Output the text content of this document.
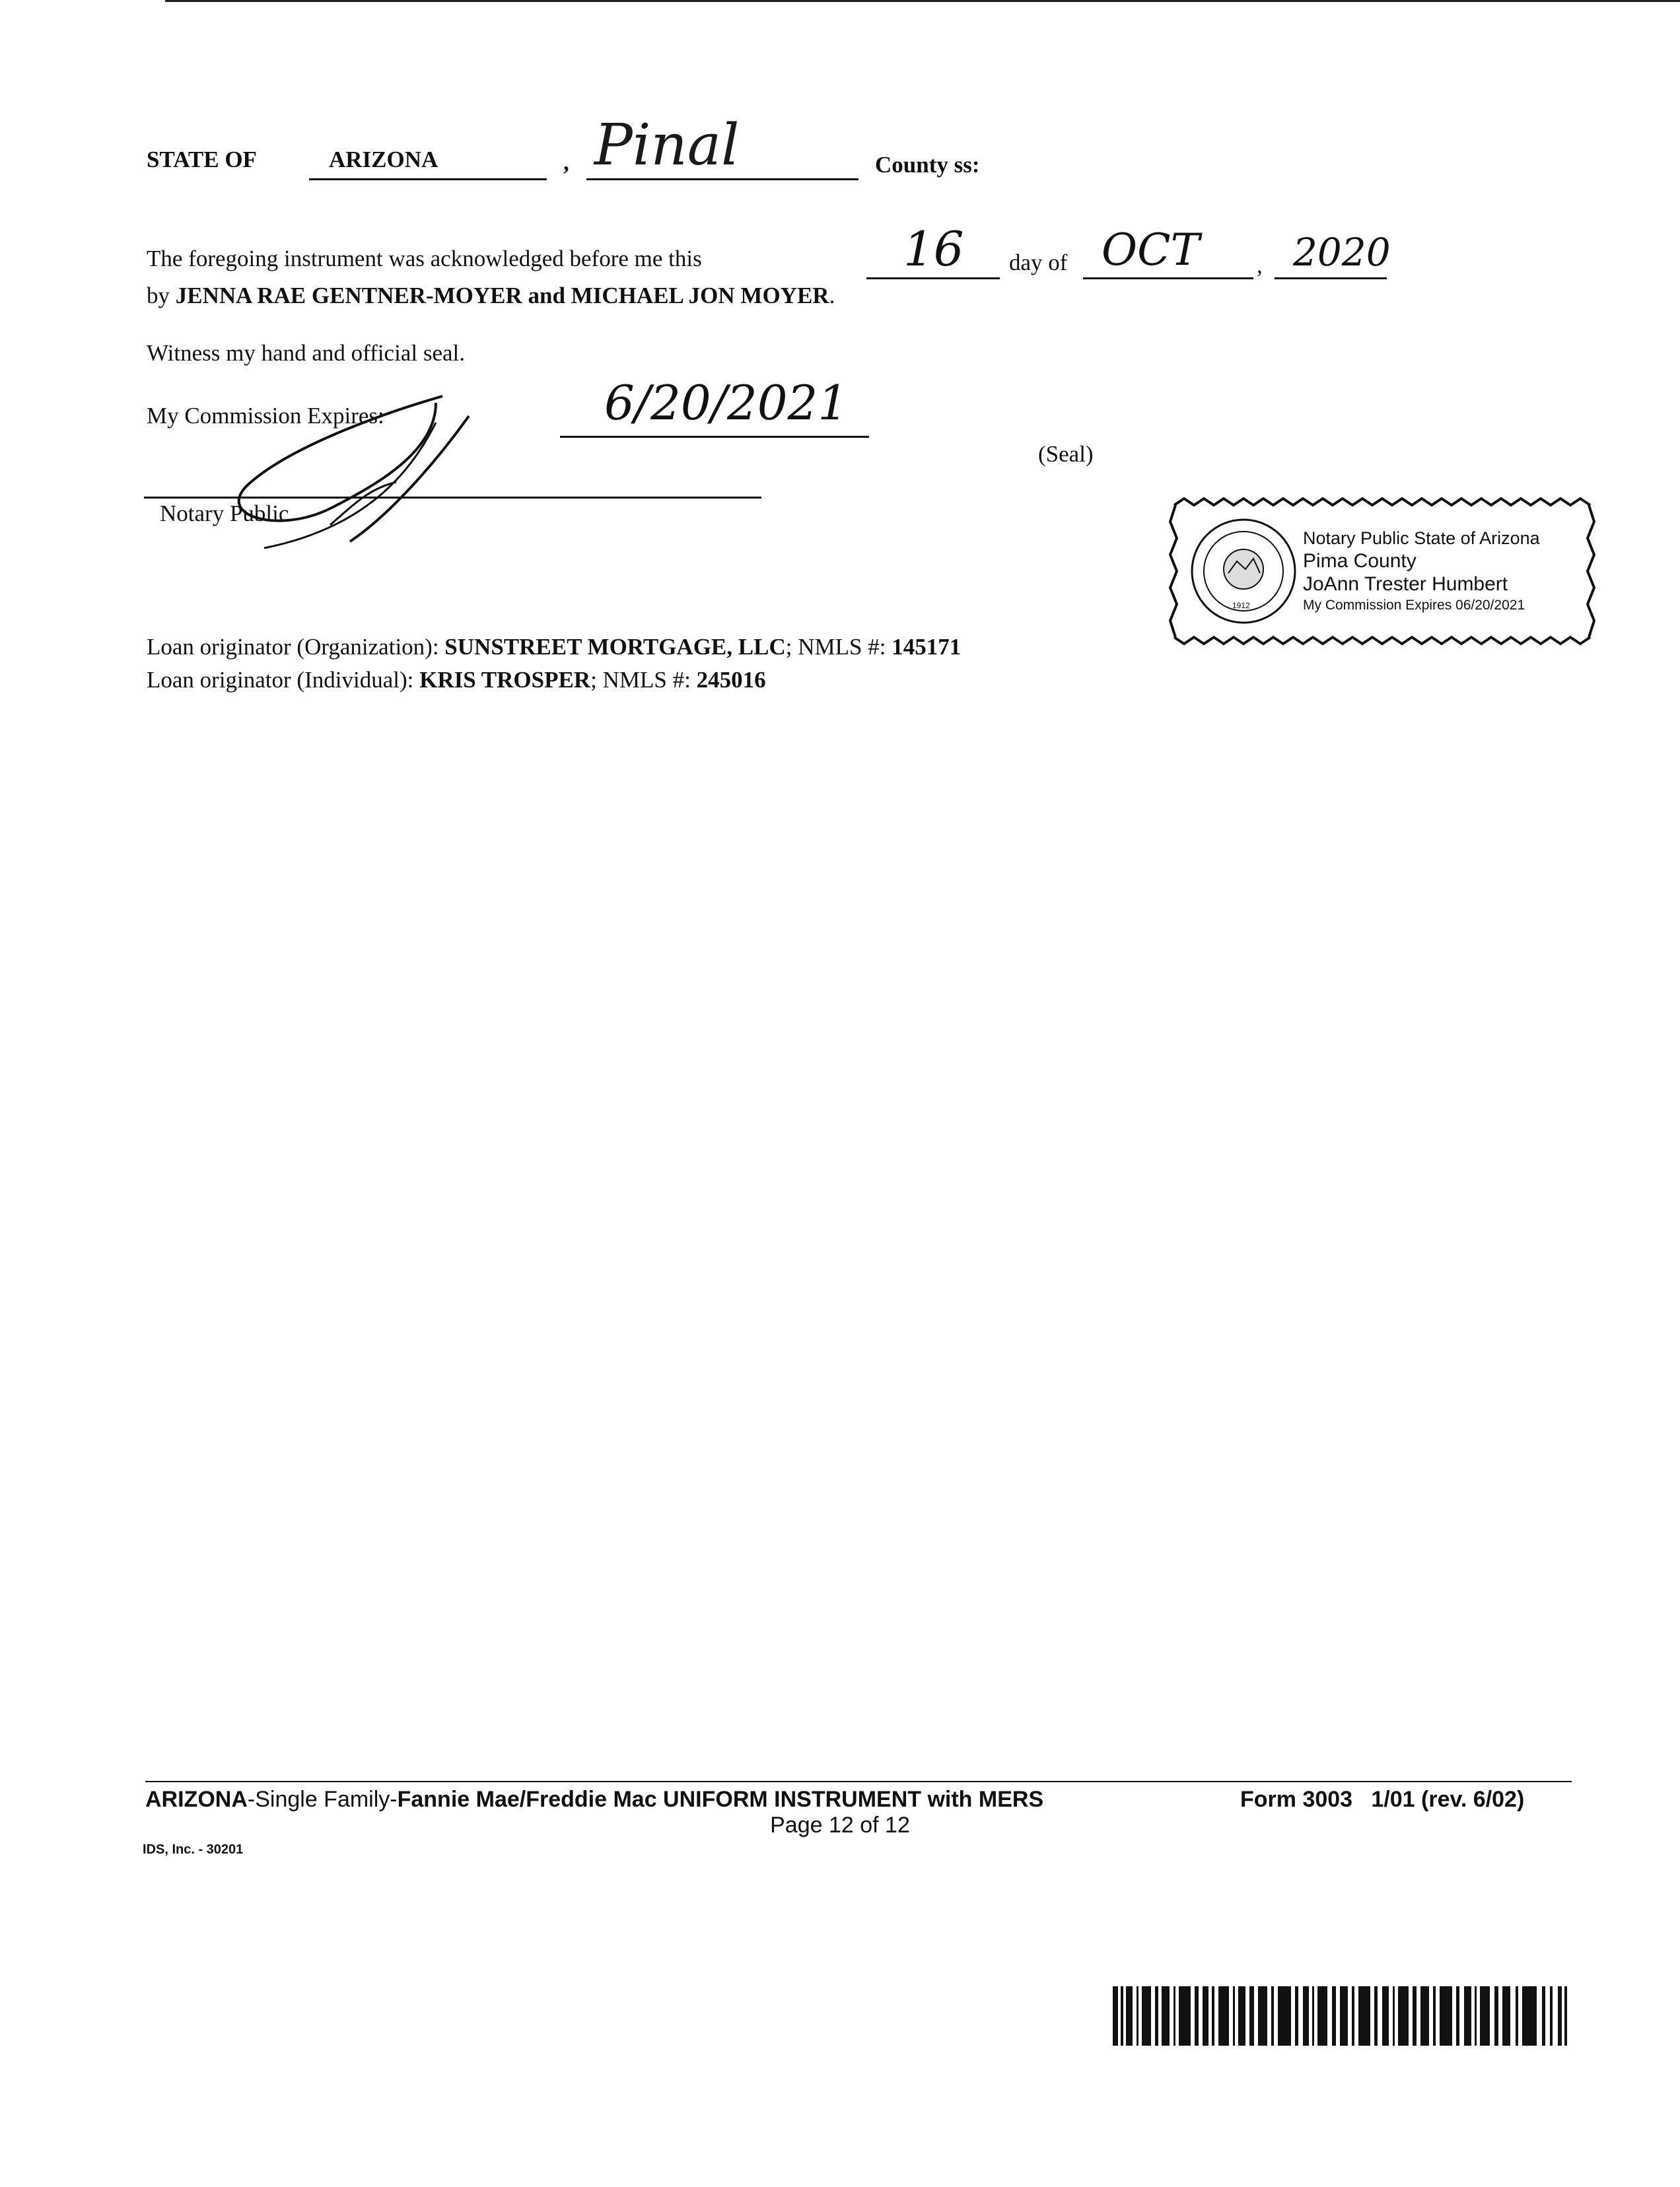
STATE OF	ARIZONA	, Pinal	County ss:
The foregoing instrument was acknowledged before me this	16 day of OCT , 2020
by JENNA RAE GENTNER-MOYER and MICHAEL JON MOYER.
Witness my hand and official seal.
My Commission Expires:	6/20/2021
(Seal)
Notary Public
1912
Notary Public State of Arizona
Pima County
JoAnn Trester Humbert
My Commission Expires 06/20/2021
Loan originator (Organization): SUNSTREET MORTGAGE, LLC; NMLS #: 145171
Loan originator (Individual): KRIS TROSPER; NMLS #: 245016
ARIZONA-Single Family-Fannie Mae/Freddie Mac UNIFORM INSTRUMENT with MERS	Form 3003   1/01 (rev. 6/02)
Page 12 of 12
IDS, Inc. - 30201
